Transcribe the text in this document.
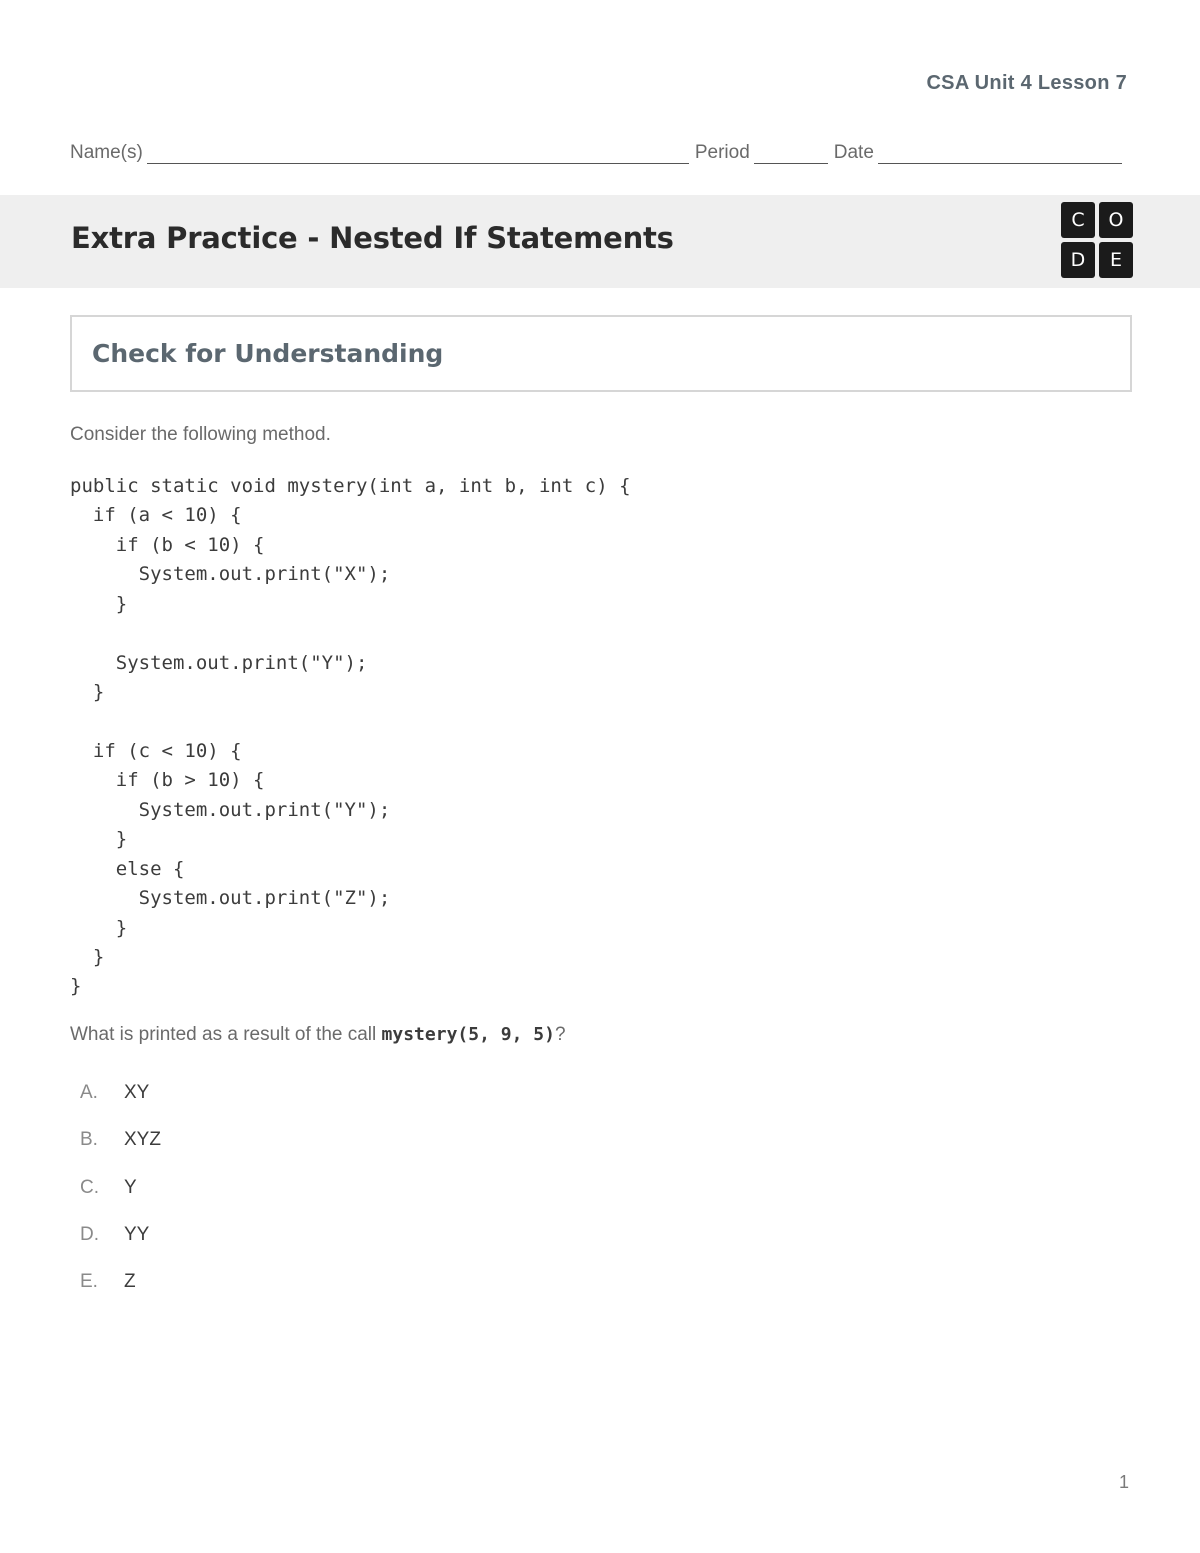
CSA Unit 4 Lesson 7
Name(s)	Period	Date
Extra Practice - Nested If Statements
C	O
D	E
Check for Understanding
Consider the following method.
public static void mystery(int a, int b, int c) {
if (a < 10) {
if (b < 10) {
System.out.print("X");
}
System.out.print("Y");
}
if (c < 10) {
if (b > 10) {
System.out.print("Y");
}
else {
System.out.print("Z");
}
}
}
What is printed as a result of the call mystery(5, 9, 5)?
A.	XY
B.	XYZ
C.	Y
D.	YY
E.	Z
1
